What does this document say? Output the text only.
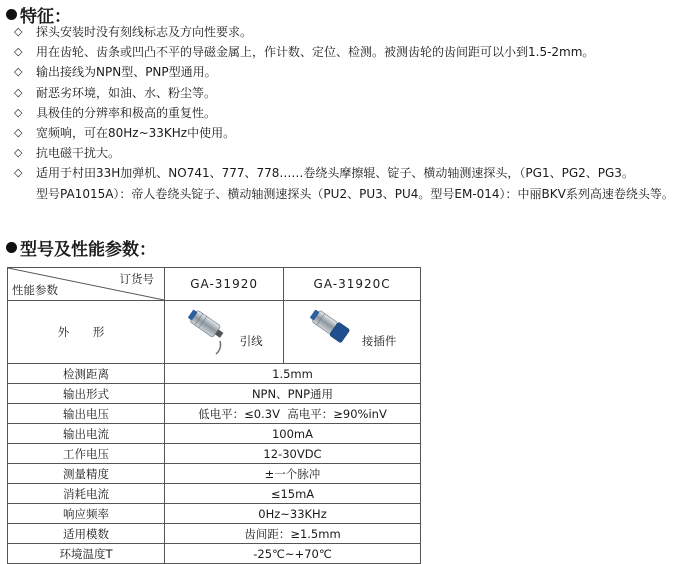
特征：
◇	探头安装时没有刻线标志及方向性要求。
◇	用在齿轮、齿条或凹凸不平的导磁金属上，作计数、定位、检测。被测齿轮的齿间距可以小到1.5-2mm。
◇	输出接线为NPN型、PNP型通用。
◇	耐恶劣环境，如油、水、粉尘等。
◇	具极佳的分辨率和极高的重复性。
◇	宽频响，可在80Hz~33KHz中使用。
◇	抗电磁干扰大。
◇	适用于村田33H加弹机、NO741、777、778……卷绕头摩擦辊、锭子、横动轴测速探头，（PG1、PG2、PG3。
型号PA1015A）：帝人卷绕头锭子、横动轴测速探头（PU2、PU3、PU4。型号EM-014）：中丽BKV系列高速卷绕头等。
型号及性能参数：
订货号
性能参数	GA-31920	GA-31920C
外 形	引线	接插件

检测距离	1.5mm	
输出形式	NPN、PNP通用	
输出电压	低电平：≤0.3V  高电平：≥90%inV	
输出电流	100mA	
工作电压	12-30VDC	
测量精度	±一个脉冲	
消耗电流	≤15mA	
响应频率	0Hz~33KHz	
适用模数	齿间距：≥1.5mm	
环境温度T	-25℃~+70℃	
